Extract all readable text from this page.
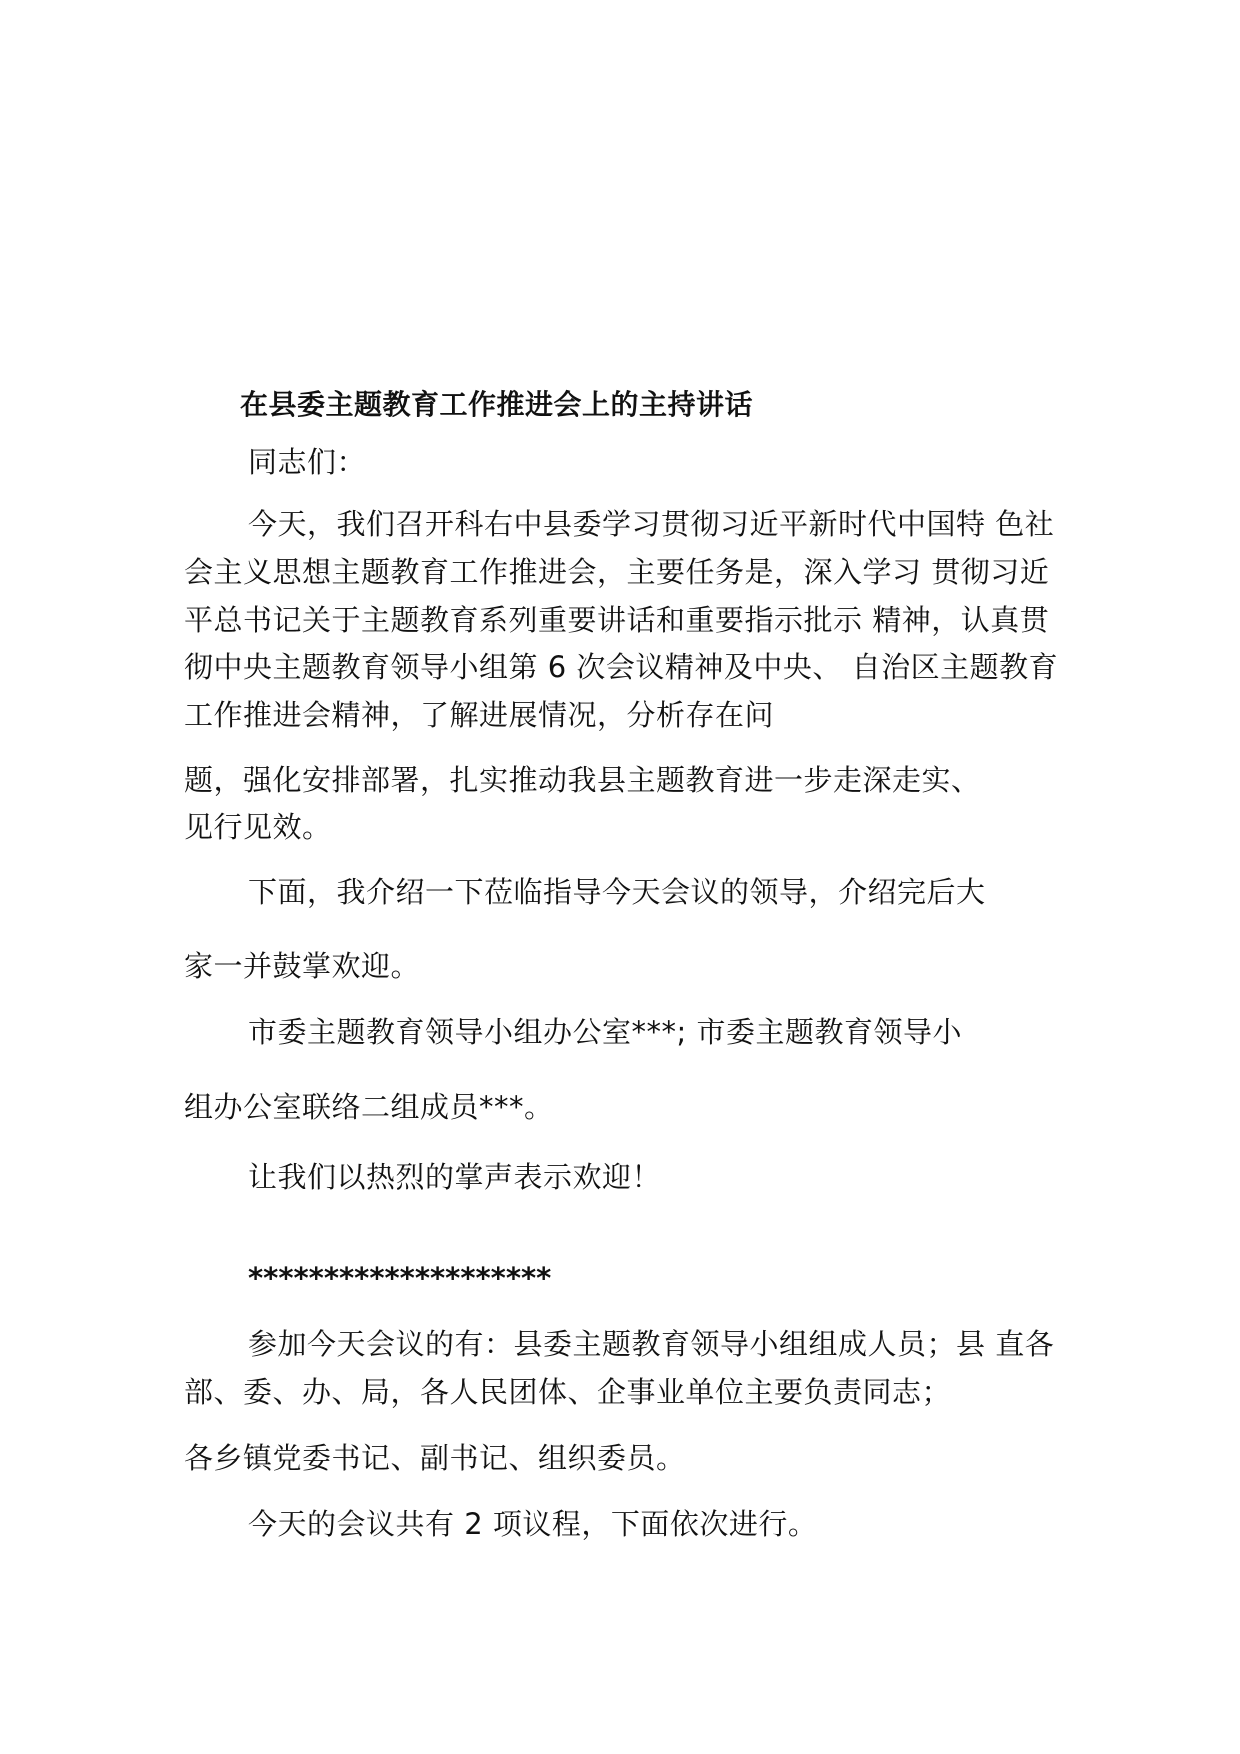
在县委主题教育工作推进会上的主持讲话
同志们：
今天，我们召开科右中县委学习贯彻习近平新时代中国特 色社
会主义思想主题教育工作推进会，主要任务是，深入学习 贯彻习近
平总书记关于主题教育系列重要讲话和重要指示批示 精神，认真贯
彻中央主题教育领导小组第 6 次会议精神及中央、 自治区主题教育
工作推进会精神，了解进展情况，分析存在问
题，强化安排部署，扎实推动我县主题教育进一步走深走实、
见行见效。
下面，我介绍一下莅临指导今天会议的领导，介绍完后大
家一并鼓掌欢迎。
市委主题教育领导小组办公室***; 市委主题教育领导小
组办公室联络二组成员***。
让我们以热烈的掌声表示欢迎！
********************
参加今天会议的有：县委主题教育领导小组组成人员；县 直各
部、委、办、局，各人民团体、企事业单位主要负责同志；
各乡镇党委书记、副书记、组织委员。
今天的会议共有 2 项议程，下面依次进行。
